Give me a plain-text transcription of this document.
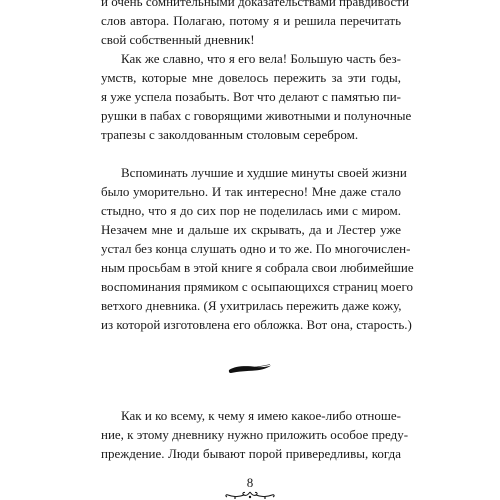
и очень сомнительными доказательствами правдивости
слов автора. Полагаю, потому я и решила перечитать
свой собственный дневник!
Как же славно, что я его вела! Большую часть без-
умств, которые мне довелось пережить за эти годы,
я уже успела позабыть. Вот что делают с памятью пи-
рушки в пабах с говорящими животными и полуночные
трапезы с заколдованным столовым серебром.
Вспоминать лучшие и худшие минуты своей жизни
было уморительно. И так интересно! Мне даже стало
стыдно, что я до сих пор не поделилась ими с миром.
Незачем мне и дальше их скрывать, да и Лестер уже
устал без конца слушать одно и то же. По многочислен-
ным просьбам в этой книге я собрала свои любимейшие
воспоминания прямиком с осыпающихся страниц моего
ветхого дневника. (Я ухитрилась пережить даже кожу,
из которой изготовлена его обложка. Вот она, старость.)
Как и ко всему, к чему я имею какое-либо отноше-
ние, к этому дневнику нужно приложить особое преду-
преждение. Люди бывают порой привередливы, когда
8
